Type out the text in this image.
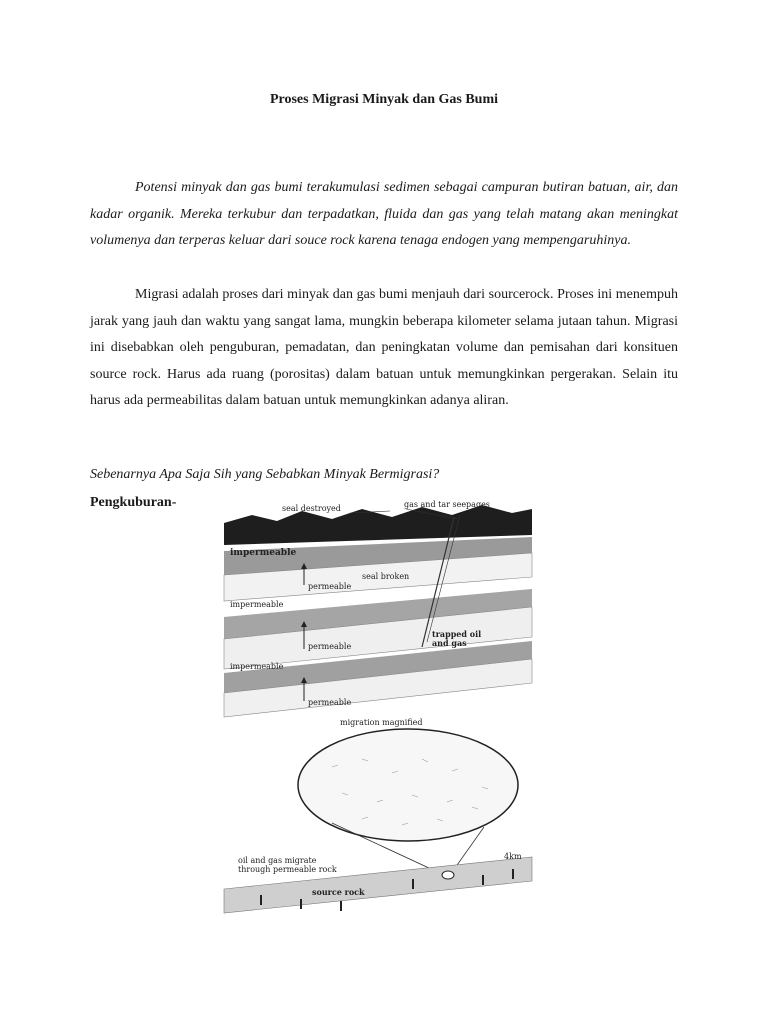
Proses Migrasi Minyak dan Gas Bumi

Potensi minyak dan gas bumi terakumulasi sedimen sebagai campuran butiran batuan, air, dan kadar organik. Mereka terkubur dan terpadatkan, fluida dan gas yang telah matang akan meningkat volumenya dan terperas keluar dari souce rock karena tenaga endogen yang mempengaruhinya.

Migrasi adalah proses dari minyak dan gas bumi menjauh dari sourcerock. Proses ini menempuh jarak yang jauh dan waktu yang sangat lama, mungkin beberapa kilometer selama jutaan tahun. Migrasi ini disebabkan oleh penguburan, pemadatan, dan peningkatan volume dan pemisahan dari konsituen source rock. Harus ada ruang (porositas) dalam batuan untuk memungkinkan pergerakan. Selain itu harus ada permeabilitas dalam batuan untuk memungkinkan adanya aliran.

Sebenarnya Apa Saja Sih yang Sebabkan Minyak Bermigrasi?
Pengkuburan-	seal destroyed	gas and tar seepages
impermeable
permeable
seal broken
impermeable
trapped oil
and gas
permeable
impermeable
permeable
migration magnified
oil and gas migrate
through permeable rock
4km
source rock
